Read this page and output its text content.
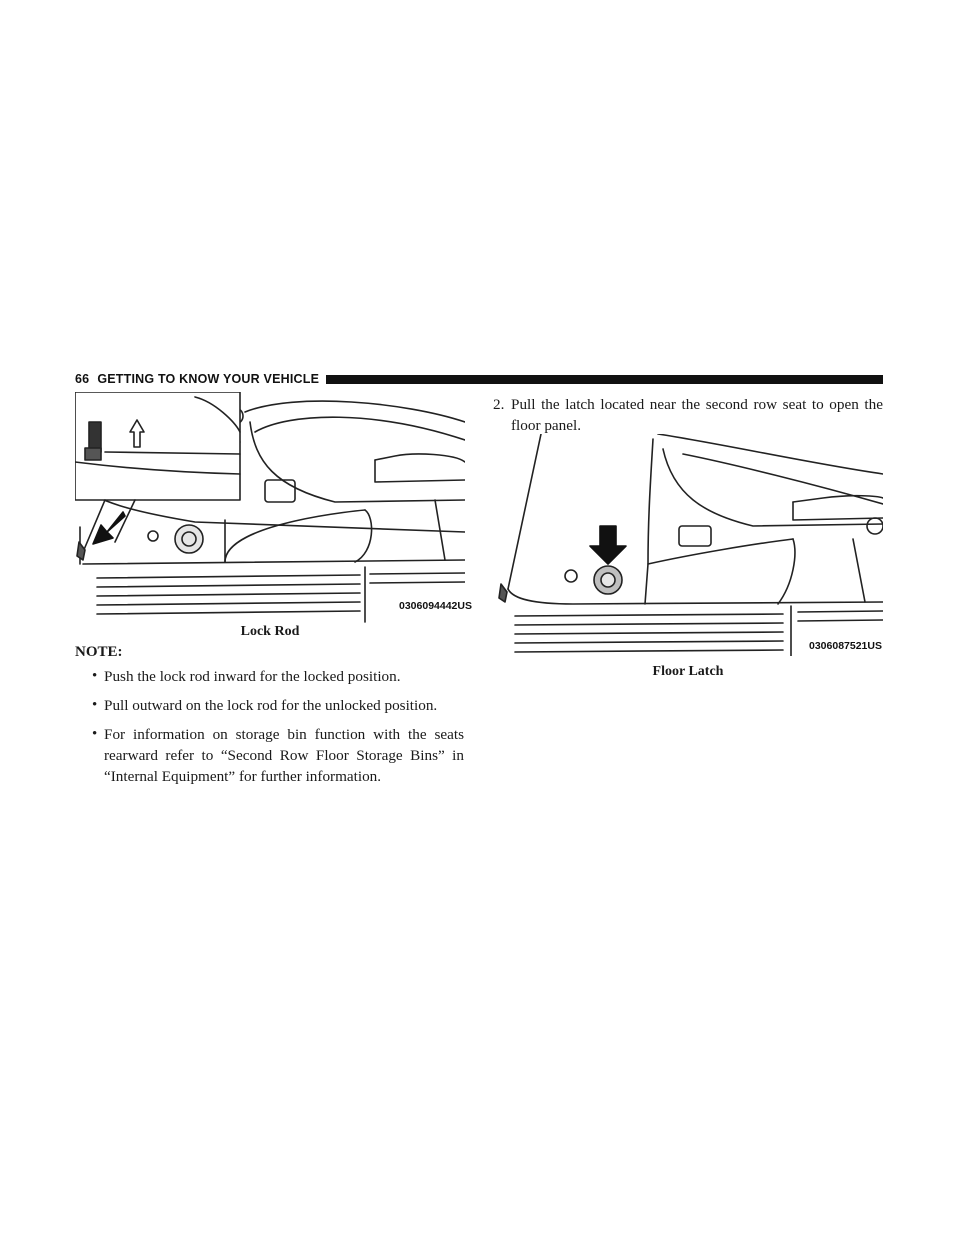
66 GETTING TO KNOW YOUR VEHICLE
0306094442US
Lock Rod
NOTE:
• Push the lock rod inward for the locked position.
• Pull outward on the lock rod for the unlocked position.
• For information on storage bin function with the seats rearward refer to “Second Row Floor Storage Bins” in “Internal Equipment” for further information.
2. Pull the latch located near the second row seat to open the floor panel.
0306087521US
Floor Latch
